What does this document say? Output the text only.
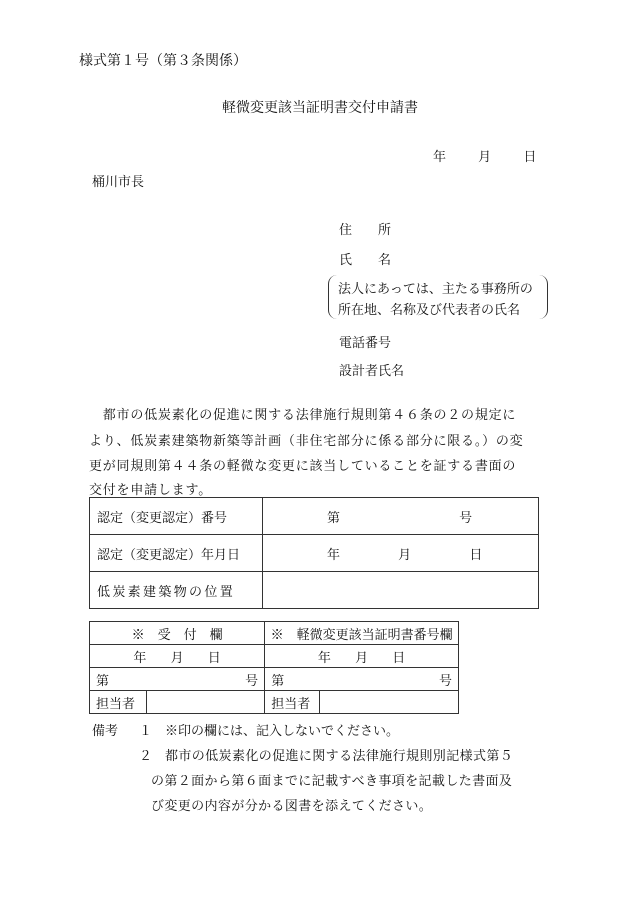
様式第１号（第３条関係）
軽微変更該当証明書交付申請書
年 月 日
桶川市長
住　　所
氏　　名
法人にあっては、主たる事務所の
所在地、名称及び代表者の氏名
電話番号
設計者氏名
　都市の低炭素化の促進に関する法律施行規則第４６条の２の規定に
より、低炭素建築物新築等計画（非住宅部分に係る部分に限る。）の変
更が同規則第４４条の軽微な変更に該当していることを証する書面の
交付を申請します。
認定（変更認定）番号	第 号
認定（変更認定）年月日	年 月 日
低炭素建築物の位置	
※　受　付　欄		※　軽微変更該当証明書番号欄	
年 月 日		年 月 日	
第 号		第 号	

担当者		担当者	
備考 １ ※印の欄には、記入しないでください。
２ 都市の低炭素化の促進に関する法律施行規則別記様式第５
の第２面から第６面までに記載すべき事項を記載した書面及
び変更の内容が分かる図書を添えてください。
